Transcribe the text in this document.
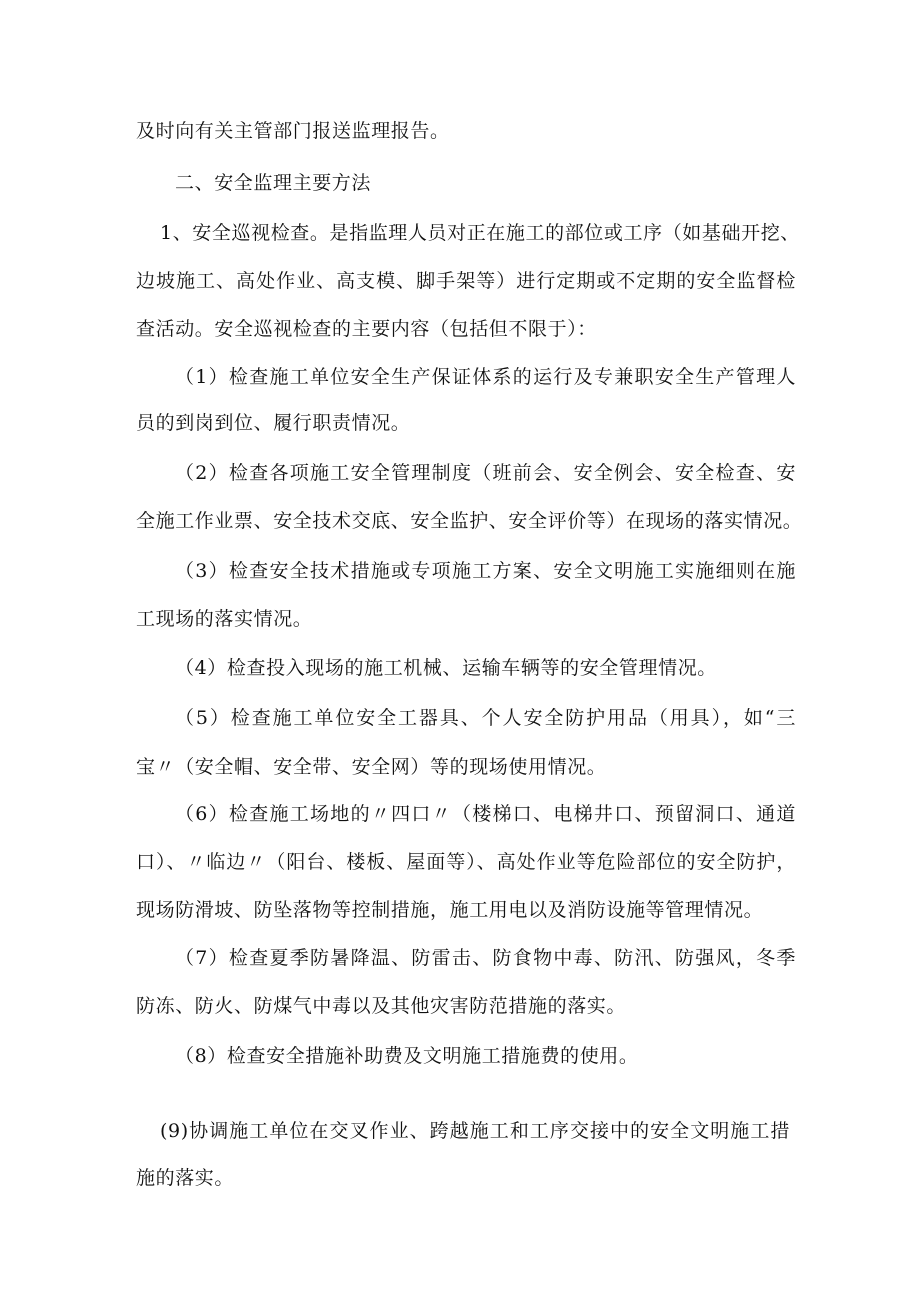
及时向有关主管部门报送监理报告。
二、安全监理主要方法
1、安全巡视检查。是指监理人员对正在施工的部位或工序（如基础开挖、
边坡施工、高处作业、高支模、脚手架等）进行定期或不定期的安全监督检
查活动。安全巡视检查的主要内容（包括但不限于）：
（1）检查施工单位安全生产保证体系的运行及专兼职安全生产管理人
员的到岗到位、履行职责情况。
（2）检查各项施工安全管理制度（班前会、安全例会、安全检查、安
全施工作业票、安全技术交底、安全监护、安全评价等）在现场的落实情况。
（3）检查安全技术措施或专项施工方案、安全文明施工实施细则在施
工现场的落实情况。
（4）检查投入现场的施工机械、运输车辆等的安全管理情况。
（5）检查施工单位安全工器具、个人安全防护用品（用具），如“三
宝〃（安全帽、安全带、安全网）等的现场使用情况。
（6）检查施工场地的〃四口〃（楼梯口、电梯井口、预留洞口、通道
口）、〃临边〃（阳台、楼板、屋面等）、高处作业等危险部位的安全防护，
现场防滑坡、防坠落物等控制措施，施工用电以及消防设施等管理情况。
（7）检查夏季防暑降温、防雷击、防食物中毒、防汛、防强风，冬季
防冻、防火、防煤气中毒以及其他灾害防范措施的落实。
（8）检查安全措施补助费及文明施工措施费的使用。
(9)协调施工单位在交叉作业、跨越施工和工序交接中的安全文明施工措
施的落实。
